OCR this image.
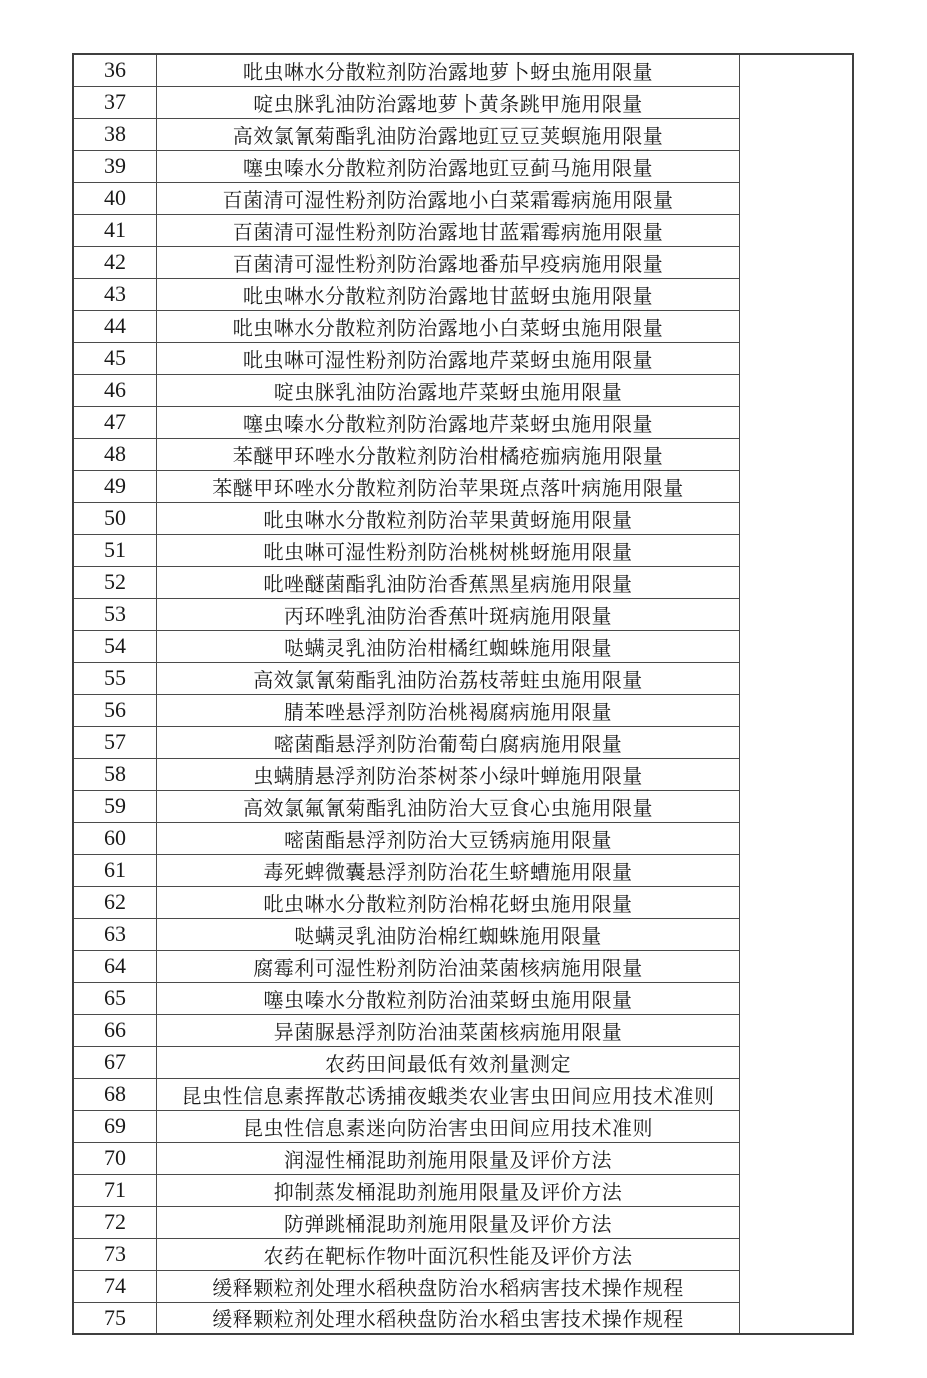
36	吡虫啉水分散粒剂防治露地萝卜蚜虫施用限量	
37	啶虫脒乳油防治露地萝卜黄条跳甲施用限量	
38	高效氯氰菊酯乳油防治露地豇豆豆荚螟施用限量	
39	噻虫嗪水分散粒剂防治露地豇豆蓟马施用限量	
40	百菌清可湿性粉剂防治露地小白菜霜霉病施用限量	
41	百菌清可湿性粉剂防治露地甘蓝霜霉病施用限量	
42	百菌清可湿性粉剂防治露地番茄早疫病施用限量	
43	吡虫啉水分散粒剂防治露地甘蓝蚜虫施用限量	
44	吡虫啉水分散粒剂防治露地小白菜蚜虫施用限量	
45	吡虫啉可湿性粉剂防治露地芹菜蚜虫施用限量	
46	啶虫脒乳油防治露地芹菜蚜虫施用限量	
47	噻虫嗪水分散粒剂防治露地芹菜蚜虫施用限量	
48	苯醚甲环唑水分散粒剂防治柑橘疮痂病施用限量	
49	苯醚甲环唑水分散粒剂防治苹果斑点落叶病施用限量	
50	吡虫啉水分散粒剂防治苹果黄蚜施用限量	
51	吡虫啉可湿性粉剂防治桃树桃蚜施用限量	
52	吡唑醚菌酯乳油防治香蕉黑星病施用限量	
53	丙环唑乳油防治香蕉叶斑病施用限量	
54	哒螨灵乳油防治柑橘红蜘蛛施用限量	
55	高效氯氰菊酯乳油防治荔枝蒂蛀虫施用限量	
56	腈苯唑悬浮剂防治桃褐腐病施用限量	
57	嘧菌酯悬浮剂防治葡萄白腐病施用限量	
58	虫螨腈悬浮剂防治茶树茶小绿叶蝉施用限量	
59	高效氯氟氰菊酯乳油防治大豆食心虫施用限量	
60	嘧菌酯悬浮剂防治大豆锈病施用限量	
61	毒死蜱微囊悬浮剂防治花生蛴螬施用限量	
62	吡虫啉水分散粒剂防治棉花蚜虫施用限量	
63	哒螨灵乳油防治棉红蜘蛛施用限量	
64	腐霉利可湿性粉剂防治油菜菌核病施用限量	
65	噻虫嗪水分散粒剂防治油菜蚜虫施用限量	
66	异菌脲悬浮剂防治油菜菌核病施用限量	
67	农药田间最低有效剂量测定	
68	昆虫性信息素挥散芯诱捕夜蛾类农业害虫田间应用技术准则	
69	昆虫性信息素迷向防治害虫田间应用技术准则	
70	润湿性桶混助剂施用限量及评价方法	
71	抑制蒸发桶混助剂施用限量及评价方法	
72	防弹跳桶混助剂施用限量及评价方法	
73	农药在靶标作物叶面沉积性能及评价方法	
74	缓释颗粒剂处理水稻秧盘防治水稻病害技术操作规程	
75	缓释颗粒剂处理水稻秧盘防治水稻虫害技术操作规程	
